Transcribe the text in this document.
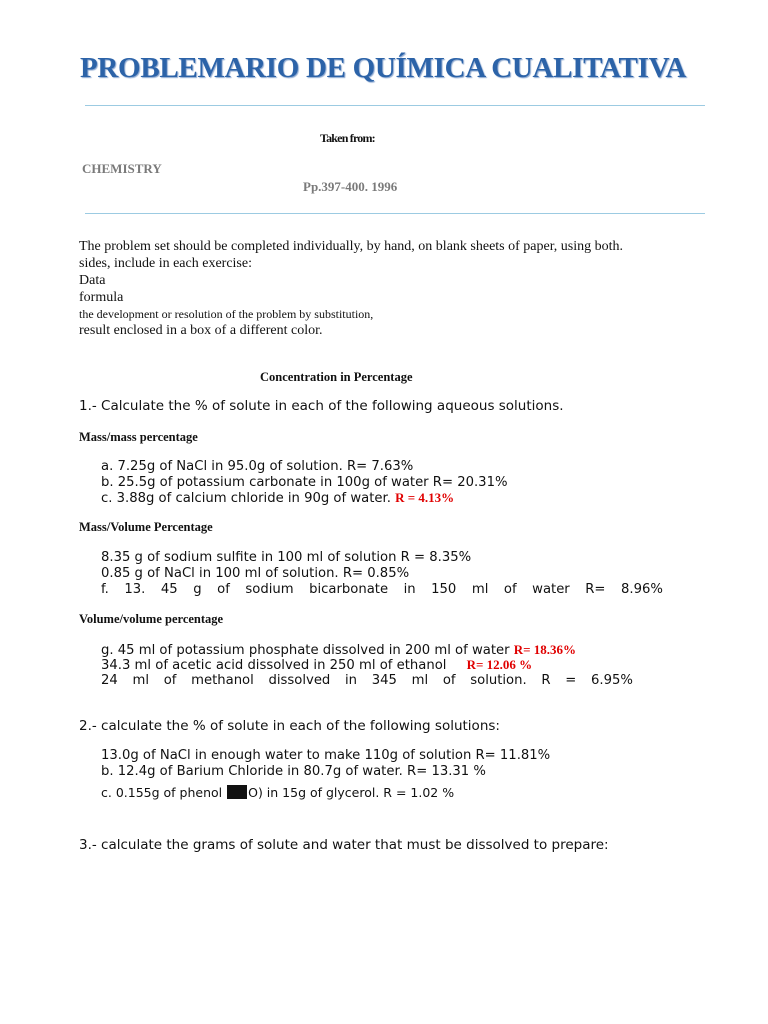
PROBLEMARIO DE QUÍMICA CUALITATIVA
Taken from:
CHEMISTRY
Pp.397-400. 1996
The problem set should be completed individually, by hand, on blank sheets of paper, using both.
sides, include in each exercise:
Data
formula
the development or resolution of the problem by substitution,
result enclosed in a box of a different color.
Concentration in Percentage
1.- Calculate the % of solute in each of the following aqueous solutions.
Mass/mass percentage
a. 7.25g of NaCl in 95.0g of solution. R= 7.63%
b. 25.5g of potassium carbonate in 100g of water R= 20.31%
c. 3.88g of calcium chloride in 90g of water. R = 4.13%
Mass/Volume Percentage
8.35 g of sodium sulfite in 100 ml of solution R = 8.35%
0.85 g of NaCl in 100 ml of solution. R= 0.85%
f. 13. 45 g of sodium bicarbonate in 150 ml of water R= 8.96%
Volume/volume percentage
g. 45 ml of potassium phosphate dissolved in 200 ml of water R= 18.36%
34.3 ml of acetic acid dissolved in 250 ml of ethanol R= 12.06 %
24 ml of methanol dissolved in 345 ml of solution. R = 6.95%
2.- calculate the % of solute in each of the following solutions:
13.0g of NaCl in enough water to make 110g of solution R= 11.81%
b. 12.4g of Barium Chloride in 80.7g of water. R= 13.31 %
c. 0.155g of phenol O) in 15g of glycerol. R = 1.02 %
3.- calculate the grams of solute and water that must be dissolved to prepare:
